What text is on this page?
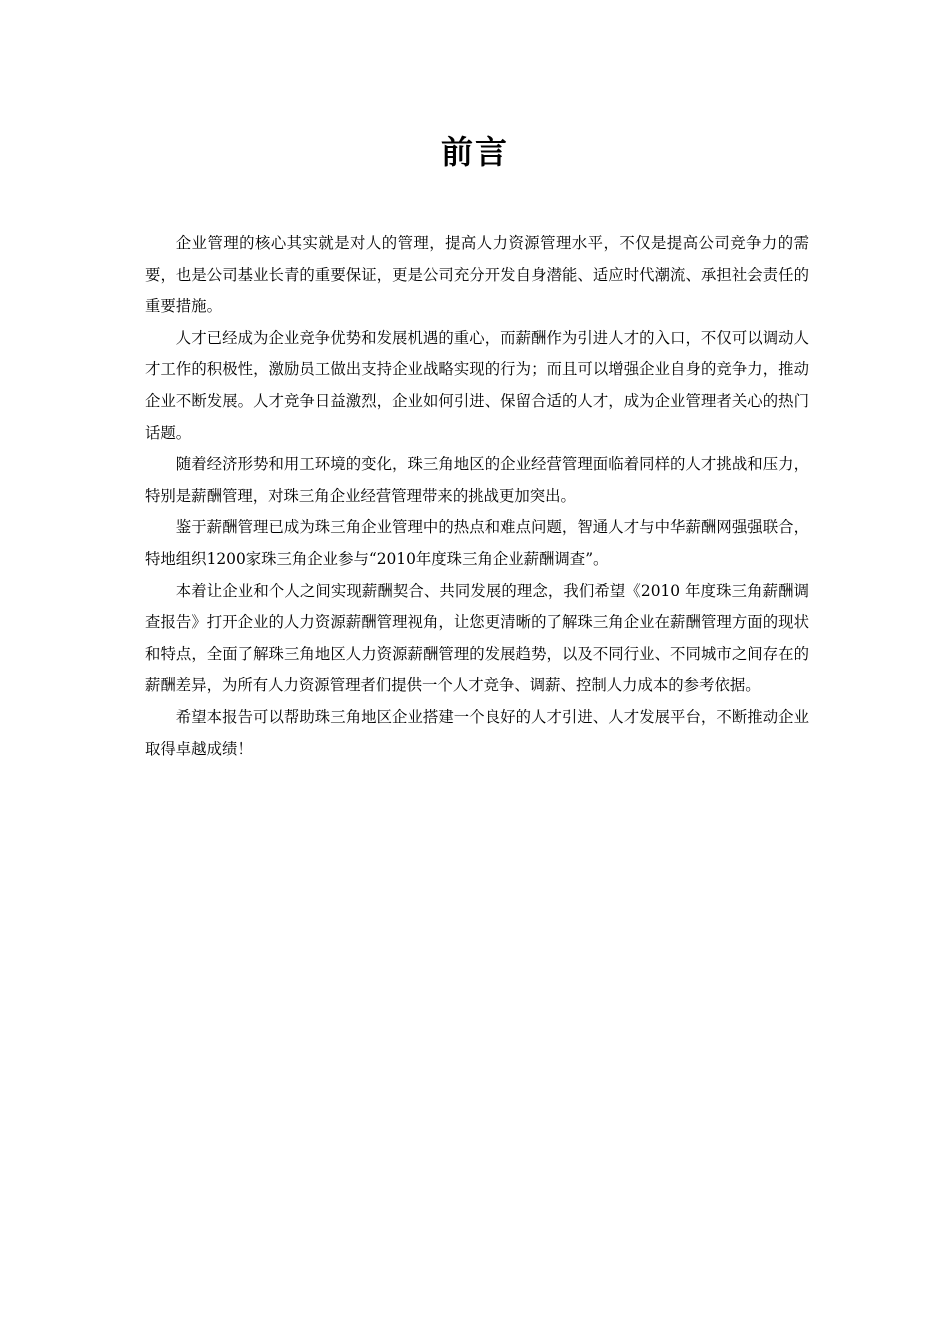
前言

企业管理的核心其实就是对人的管理，提高人力资源管理水平，不仅是提高公司竞争力的需要，也是公司基业长青的重要保证，更是公司充分开发自身潜能、适应时代潮流、承担社会责任的重要措施。

人才已经成为企业竞争优势和发展机遇的重心，而薪酬作为引进人才的入口，不仅可以调动人才工作的积极性，激励员工做出支持企业战略实现的行为；而且可以增强企业自身的竞争力，推动企业不断发展。人才竞争日益激烈，企业如何引进、保留合适的人才，成为企业管理者关心的热门话题。

随着经济形势和用工环境的变化，珠三角地区的企业经营管理面临着同样的人才挑战和压力，特别是薪酬管理，对珠三角企业经营管理带来的挑战更加突出。

鉴于薪酬管理已成为珠三角企业管理中的热点和难点问题，智通人才与中华薪酬网强强联合，特地组织1200家珠三角企业参与“2010年度珠三角企业薪酬调查”。

本着让企业和个人之间实现薪酬契合、共同发展的理念，我们希望《2010 年度珠三角薪酬调查报告》打开企业的人力资源薪酬管理视角，让您更清晰的了解珠三角企业在薪酬管理方面的现状和特点，全面了解珠三角地区人力资源薪酬管理的发展趋势，以及不同行业、不同城市之间存在的薪酬差异，为所有人力资源管理者们提供一个人才竞争、调薪、控制人力成本的参考依据。

希望本报告可以帮助珠三角地区企业搭建一个良好的人才引进、人才发展平台，不断推动企业取得卓越成绩！
